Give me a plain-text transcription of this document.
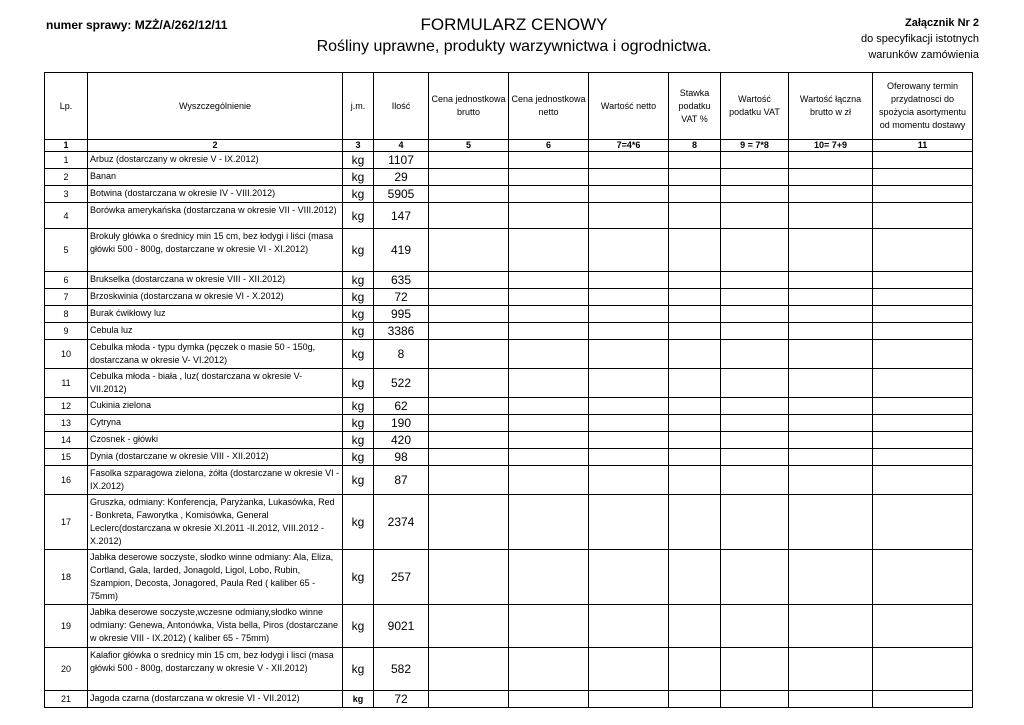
numer sprawy: MZŻ/A/262/12/11	FORMULARZ CENOWY
Rośliny uprawne, produkty warzywnictwa i ogrodnictwa.
Załącznik Nr 2
do specyfikacji istotnych
warunków zamówienia
Lp.	Wyszczególnienie	j.m.	Ilość	Cena jednostkowa brutto	Cena jednostkowa netto	Wartość netto	Stawka podatku VAT %	Wartość podatku VAT	Wartość łączna brutto w zł	Oferowany termin przydatnosci do spożycia asortymentu od momentu dostawy
1	2	3	4	5	6	7=4*6	8	9 = 7*8	10= 7+9	11
1	Arbuz (dostarczany w okresie V - IX.2012)	kg	1107							
2	Banan	kg	29							
3	Botwina (dostarczana w okresie IV - VIII.2012)	kg	5905							
4	Borówka amerykańska (dostarczana w okresie VII - VIII.2012)	kg	147							
5	Brokuły główka o średnicy min 15 cm, bez łodygi i liści (masa główki 500 - 800g, dostarczane w okresie VI - XI.2012)	kg	419							
6	Brukselka (dostarczana w okresie VIII - XII.2012)	kg	635							
7	Brzoskwinia (dostarczana w okresie VI - X.2012)	kg	72							
8	Burak ćwikłowy luz	kg	995							
9	Cebula luz	kg	3386							
10	Cebulka młoda - typu dymka (pęczek o masie 50 - 150g, dostarczana w okresie V- VI.2012)	kg	8							
11	Cebulka młoda - biała , luz( dostarczana w okresie V- VII.2012)	kg	522							
12	Cukinia zielona	kg	62							
13	Cytryna	kg	190							
14	Czosnek - główki	kg	420							
15	Dynia (dostarczane w okresie VIII - XII.2012)	kg	98							
16	Fasolka szparagowa zielona, żółta (dostarczane w okresie VI - IX.2012)	kg	87							
17	Gruszka, odmiany: Konferencja, Paryżanka, Lukasówka, Red - Bonkreta, Faworytka , Komisówka, General Leclerc(dostarczana w okresie XI.2011 -II.2012, VIII.2012 - X.2012)	kg	2374							
18	Jabłka deserowe soczyste, słodko winne odmiany: Ala, Eliza, Cortland, Gala, Iarded, Jonagold, Ligol, Lobo, Rubin, Szampion, Decosta, Jonagored, Paula Red ( kaliber 65 - 75mm)	kg	257							
19	Jabłka deserowe soczyste,wczesne odmiany,słodko winne odmiany: Genewa, Antonówka, Vista bella, Piros (dostarczane w okresie VIII - IX.2012) ( kaliber 65 - 75mm)	kg	9021							
20	Kalafior główka o srednicy min 15 cm, bez łodygi i lisci (masa główki 500 - 800g, dostarczany w okresie V - XII.2012)	kg	582							
21	Jagoda czarna (dostarczana w okresie VI - VII.2012)	kg	72							
